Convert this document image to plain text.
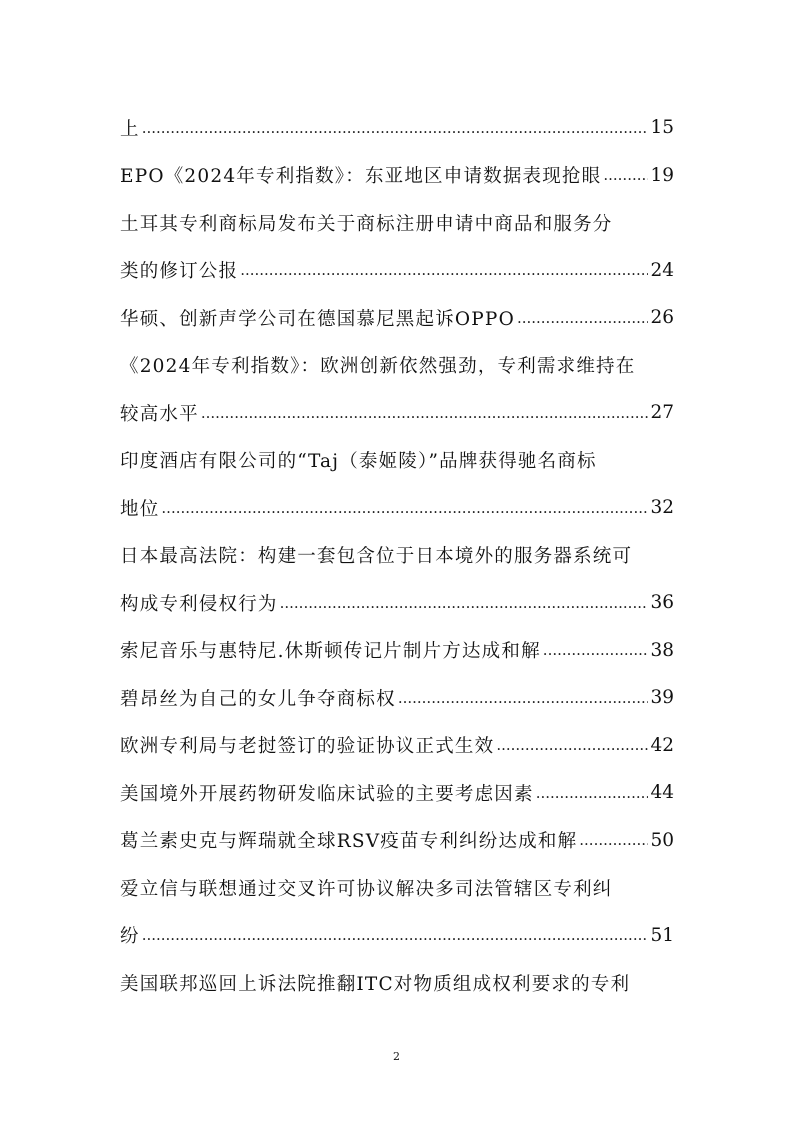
上 .....	15
EPO《2024年专利指数》：东亚地区申请数据表现抢眼 .....	19
土耳其专利商标局发布关于商标注册申请中商品和服务分
类的修订公报 .....	24
华硕、创新声学公司在德国慕尼黑起诉OPPO .....	26
《2024年专利指数》：欧洲创新依然强劲，专利需求维持在
较高水平 .....	27
印度酒店有限公司的“Taj（泰姬陵）”品牌获得驰名商标
地位 .....	32
日本最高法院：构建一套包含位于日本境外的服务器系统可
构成专利侵权行为 .....	36
索尼音乐与惠特尼.休斯顿传记片制片方达成和解 .....	38
碧昂丝为自己的女儿争夺商标权 .....	39
欧洲专利局与老挝签订的验证协议正式生效 .....	42
美国境外开展药物研发临床试验的主要考虑因素 .....	44
葛兰素史克与辉瑞就全球RSV疫苗专利纠纷达成和解 .....	50
爱立信与联想通过交叉许可协议解决多司法管辖区专利纠
纷 .....	51
美国联邦巡回上诉法院推翻ITC对物质组成权利要求的专利
2
